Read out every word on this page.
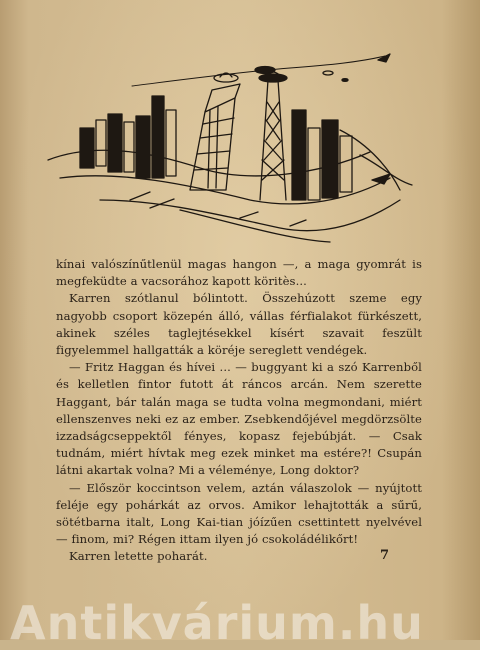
kínai valószínűtlenül magas hangon —, a maga gyomrát is megfeküdte a vacsorához kapott köritès...

Karren szótlanul bólintott. Összehúzott szeme egy nagyobb csoport közepén álló, vállas férfialakot fürkészett, akinek széles taglejtésekkel kísért szavait feszült figyelemmel hallgatták a köréje sereglett vendégek.

— Fritz Haggan és hívei ... — buggyant ki a szó Karrenből és kelletlen fintor futott át ráncos arcán. Nem szerette Haggant, bár talán maga se tudta volna megmondani, miért ellenszenves neki ez az ember. Zsebkendőjével megdörzsölte izzadságcseppektől fényes, kopasz fejebúbját. — Csak tudnám, miért hívtak meg ezek minket ma estére?! Csupán látni akartak volna? Mi a véleménye, Long doktor?

— Először koccintson velem, aztán válaszolok — nyújtott feléje egy pohárkát az orvos. Amikor lehajtották a sűrű, sötétbarna italt, Long Kai-tian jóízűen csettintett nyelvével — finom, mi? Régen ittam ilyen jó csokoládélikőrt!

Karren letette poharát.	7
Antikvárium.hu
